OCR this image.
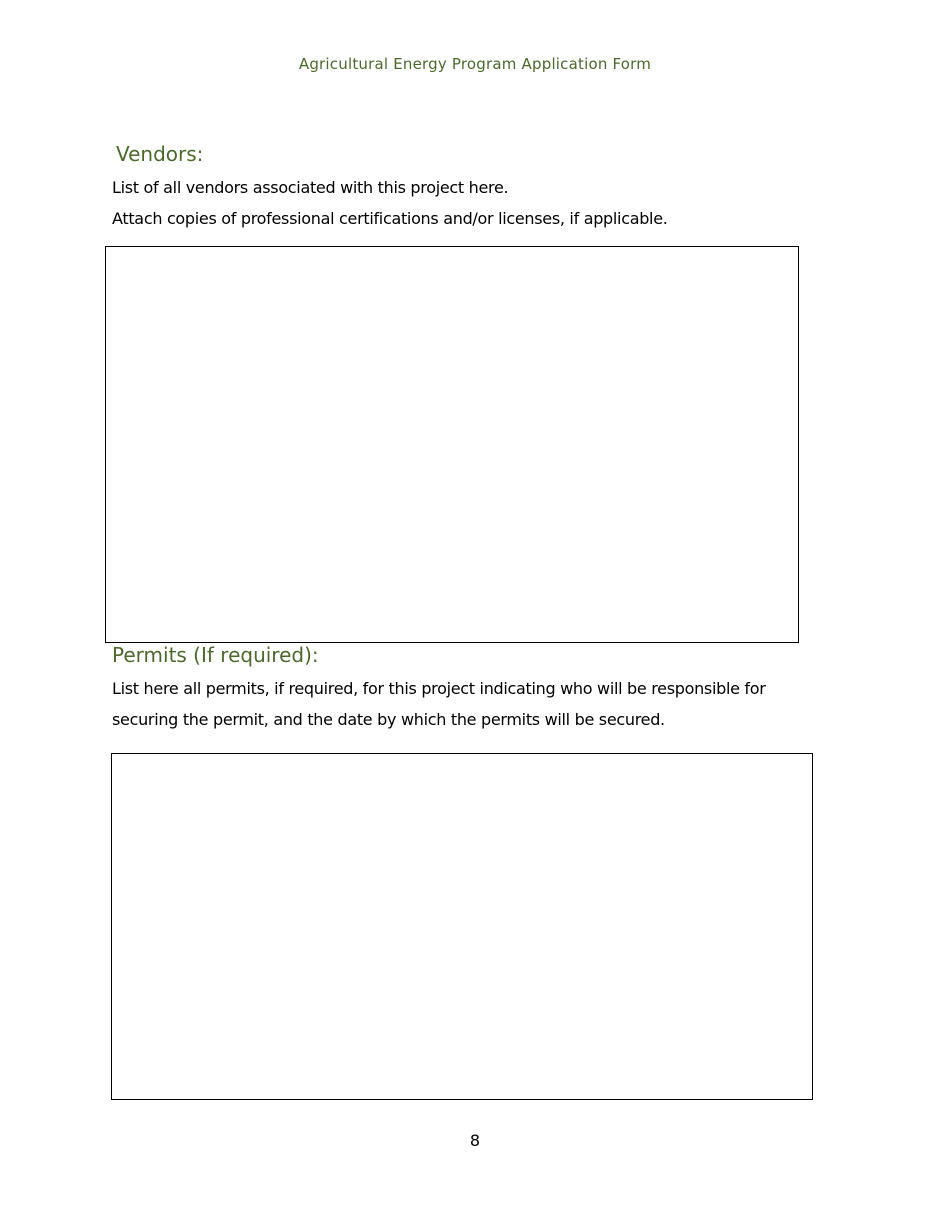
Agricultural Energy Program Application Form
Vendors:
List of all vendors associated with this project here.
Attach copies of professional certifications and/or licenses, if applicable.
Permits (If required):
List here all permits, if required, for this project indicating who will be responsible for
securing the permit, and the date by which the permits will be secured.
8
